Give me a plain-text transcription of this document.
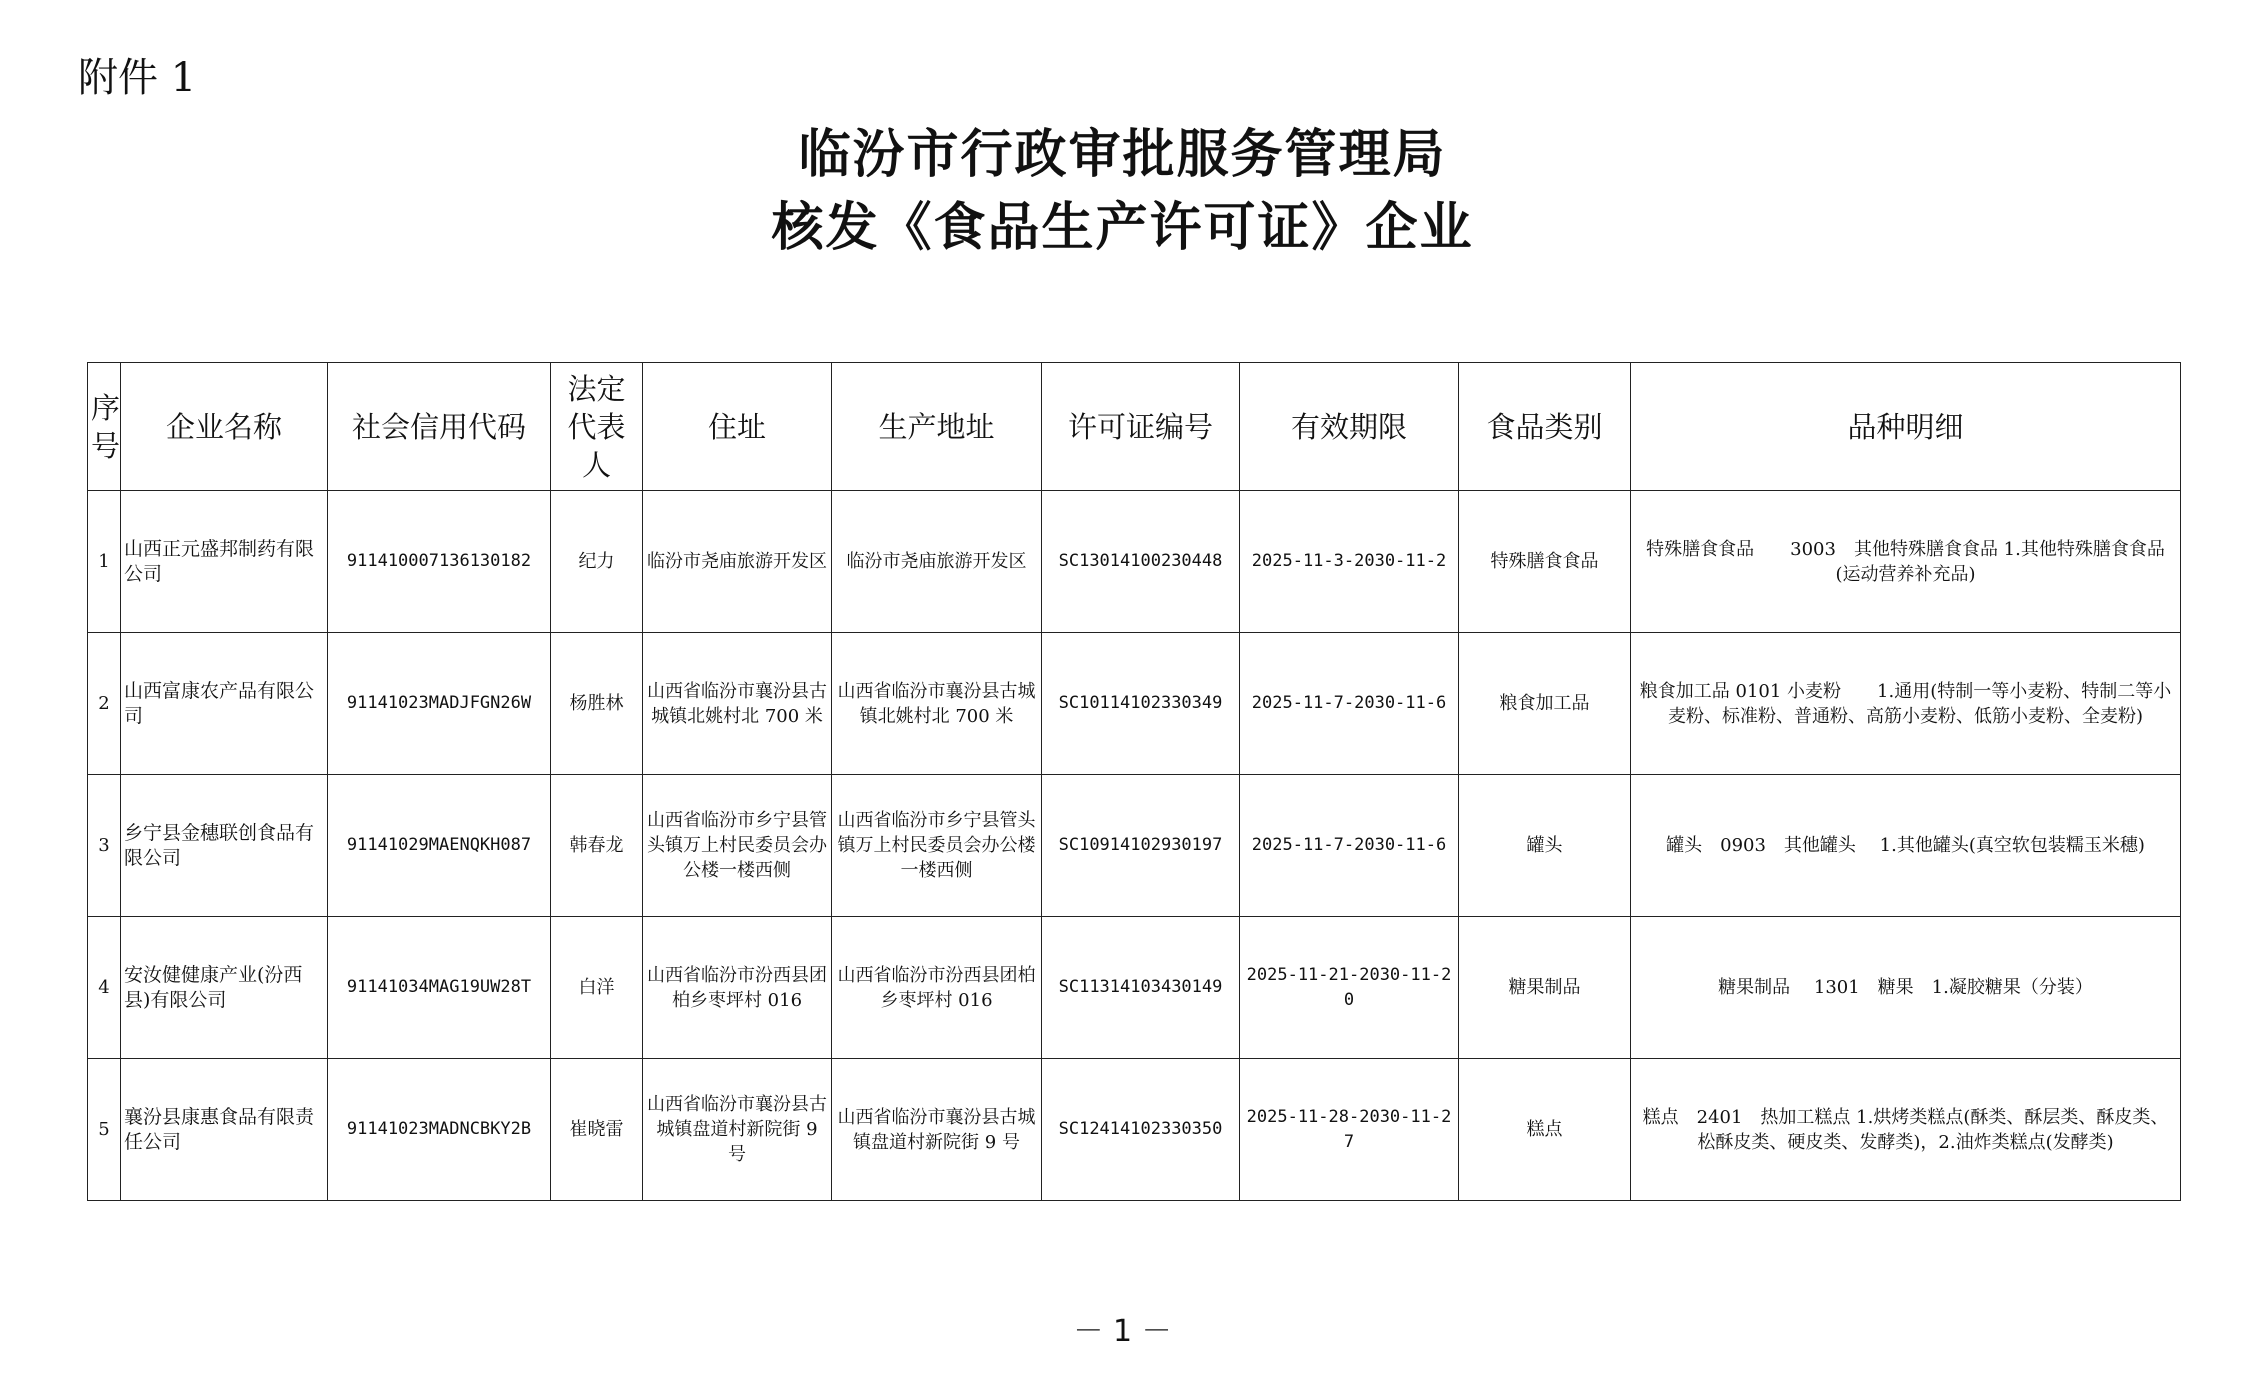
附件 1
临汾市行政审批服务管理局
核发《食品生产许可证》企业
序号	企业名称	社会信用代码	法定代表人	住址	生产地址	许可证编号	有效期限	食品类别	品种明细
1	山西正元盛邦制药有限公司	911410007136130182	纪力	临汾市尧庙旅游开发区	临汾市尧庙旅游开发区	SC13014100230448	2025-11-3-2030-11-2	特殊膳食食品	特殊膳食食品　　3003　其他特殊膳食食品 1.其他特殊膳食食品(运动营养补充品)
2	山西富康农产品有限公司	91141023MADJFGN26W	杨胜林	山西省临汾市襄汾县古城镇北姚村北 700 米	山西省临汾市襄汾县古城镇北姚村北 700 米	SC10114102330349	2025-11-7-2030-11-6	粮食加工品	粮食加工品 0101 小麦粉　　1.通用(特制一等小麦粉、特制二等小麦粉、标准粉、普通粉、高筋小麦粉、低筋小麦粉、全麦粉)
3	乡宁县金穗联创食品有限公司	91141029MAENQKH087	韩春龙	山西省临汾市乡宁县管头镇万上村民委员会办公楼一楼西侧	山西省临汾市乡宁县管头镇万上村民委员会办公楼一楼西侧	SC10914102930197	2025-11-7-2030-11-6	罐头	罐头　0903　其他罐头　 1.其他罐头(真空软包装糯玉米穗)
4	安汝健健康产业(汾西县)有限公司	91141034MAG19UW28T	白洋	山西省临汾市汾西县团柏乡枣坪村 016	山西省临汾市汾西县团柏乡枣坪村 016	SC11314103430149	2025-11-21-2030-11-20	糖果制品	糖果制品　 1301　糖果　1.凝胶糖果（分装）
5	襄汾县康惠食品有限责任公司	91141023MADNCBKY2B	崔晓雷	山西省临汾市襄汾县古城镇盘道村新院街 9 号	山西省临汾市襄汾县古城镇盘道村新院街 9 号	SC12414102330350	2025-11-28-2030-11-27	糕点	糕点　2401　热加工糕点 1.烘烤类糕点(酥类、酥层类、酥皮类、松酥皮类、硬皮类、发酵类)，2.油炸类糕点(发酵类)
－ 1 －
